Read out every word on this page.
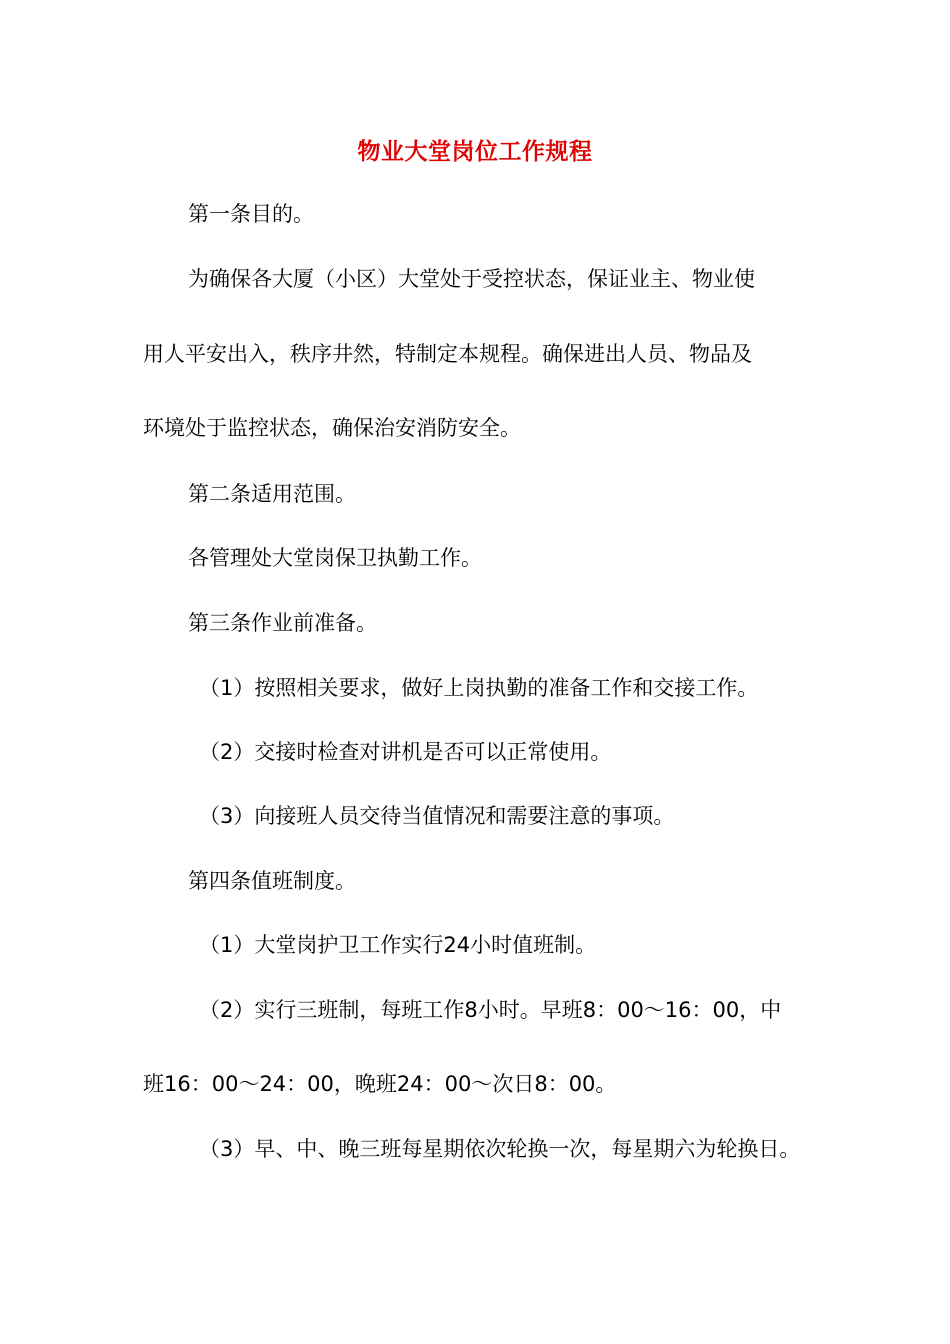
物业大堂岗位工作规程
第一条目的。
为确保各大厦（小区）大堂处于受控状态，保证业主、物业使
用人平安出入，秩序井然，特制定本规程。确保进出人员、物品及
环境处于监控状态，确保治安消防安全。
第二条适用范围。
各管理处大堂岗保卫执勤工作。
第三条作业前准备。
（1）按照相关要求，做好上岗执勤的准备工作和交接工作。
（2）交接时检查对讲机是否可以正常使用。
（3）向接班人员交待当值情况和需要注意的事项。
第四条值班制度。
（1）大堂岗护卫工作实行24小时值班制。
（2）实行三班制，每班工作8小时。早班8：00～16：00，中
班16：00～24：00，晚班24：00～次日8：00。
（3）早、中、晚三班每星期依次轮换一次，每星期六为轮换日。
